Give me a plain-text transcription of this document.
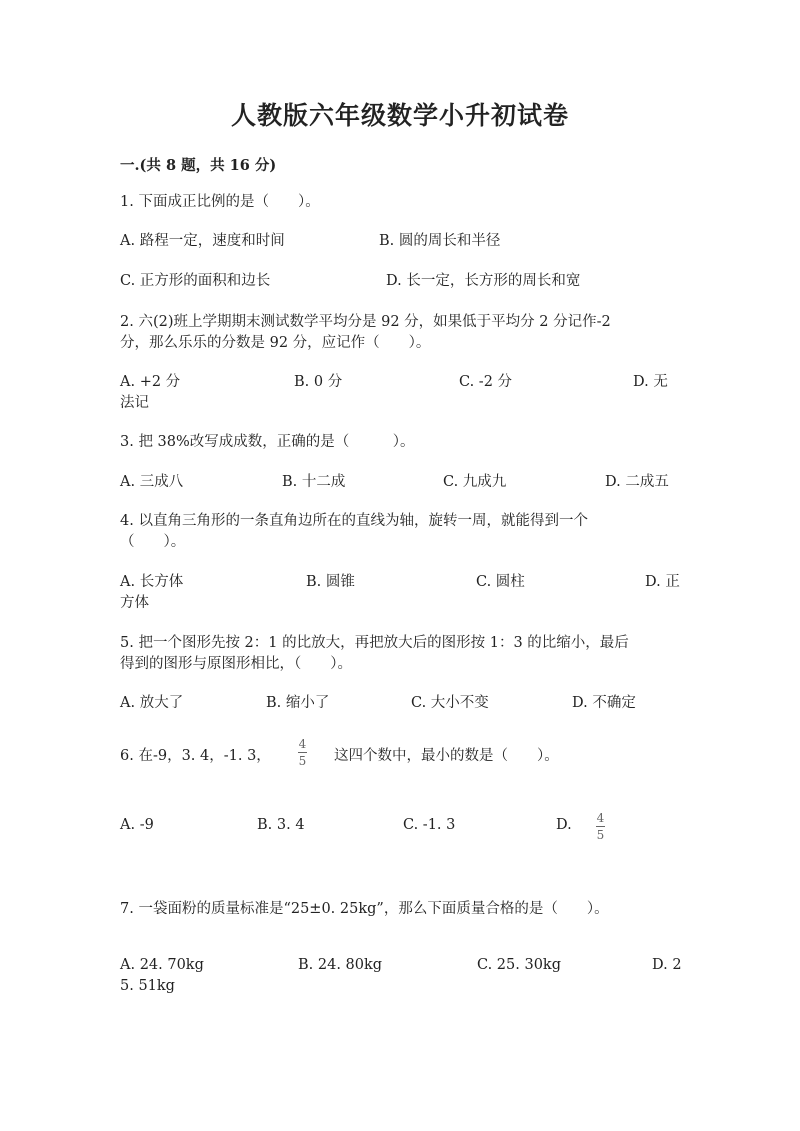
人教版六年级数学小升初试卷
一.(共 8 题，共 16 分)
1. 下面成正比例的是（　　）。
A. 路程一定，速度和时间	B. 圆的周长和半径
C. 正方形的面积和边长	D. 长一定，长方形的周长和宽
2. 六(2)班上学期期末测试数学平均分是 92 分，如果低于平均分 2 分记作-2
分，那么乐乐的分数是 92 分，应记作（　　）。
A. +2 分	B. 0 分	C. -2 分	D. 无
法记
3. 把 38%改写成成数，正确的是（　　　）。
A. 三成八	B. 十二成	C. 九成九	D. 二成五
4. 以直角三角形的一条直角边所在的直线为轴，旋转一周，就能得到一个
（　　）。
A. 长方体	B. 圆锥	C. 圆柱	D. 正
方体
5. 把一个图形先按 2：1 的比放大，再把放大后的图形按 1：3 的比缩小，最后
得到的图形与原图形相比，（　　）。
A. 放大了	B. 缩小了	C. 大小不变	D. 不确定
6. 在-9，3. 4，-1. 3，
4
5 这四个数中，最小的数是（　　）。
A. -9	B. 3. 4	C. -1. 3	D. 4
5
7. 一袋面粉的质量标准是“25±0. 25kg”，那么下面质量合格的是（　　）。
A. 24. 70kg	B. 24. 80kg	C. 25. 30kg	D. 2
5. 51kg
